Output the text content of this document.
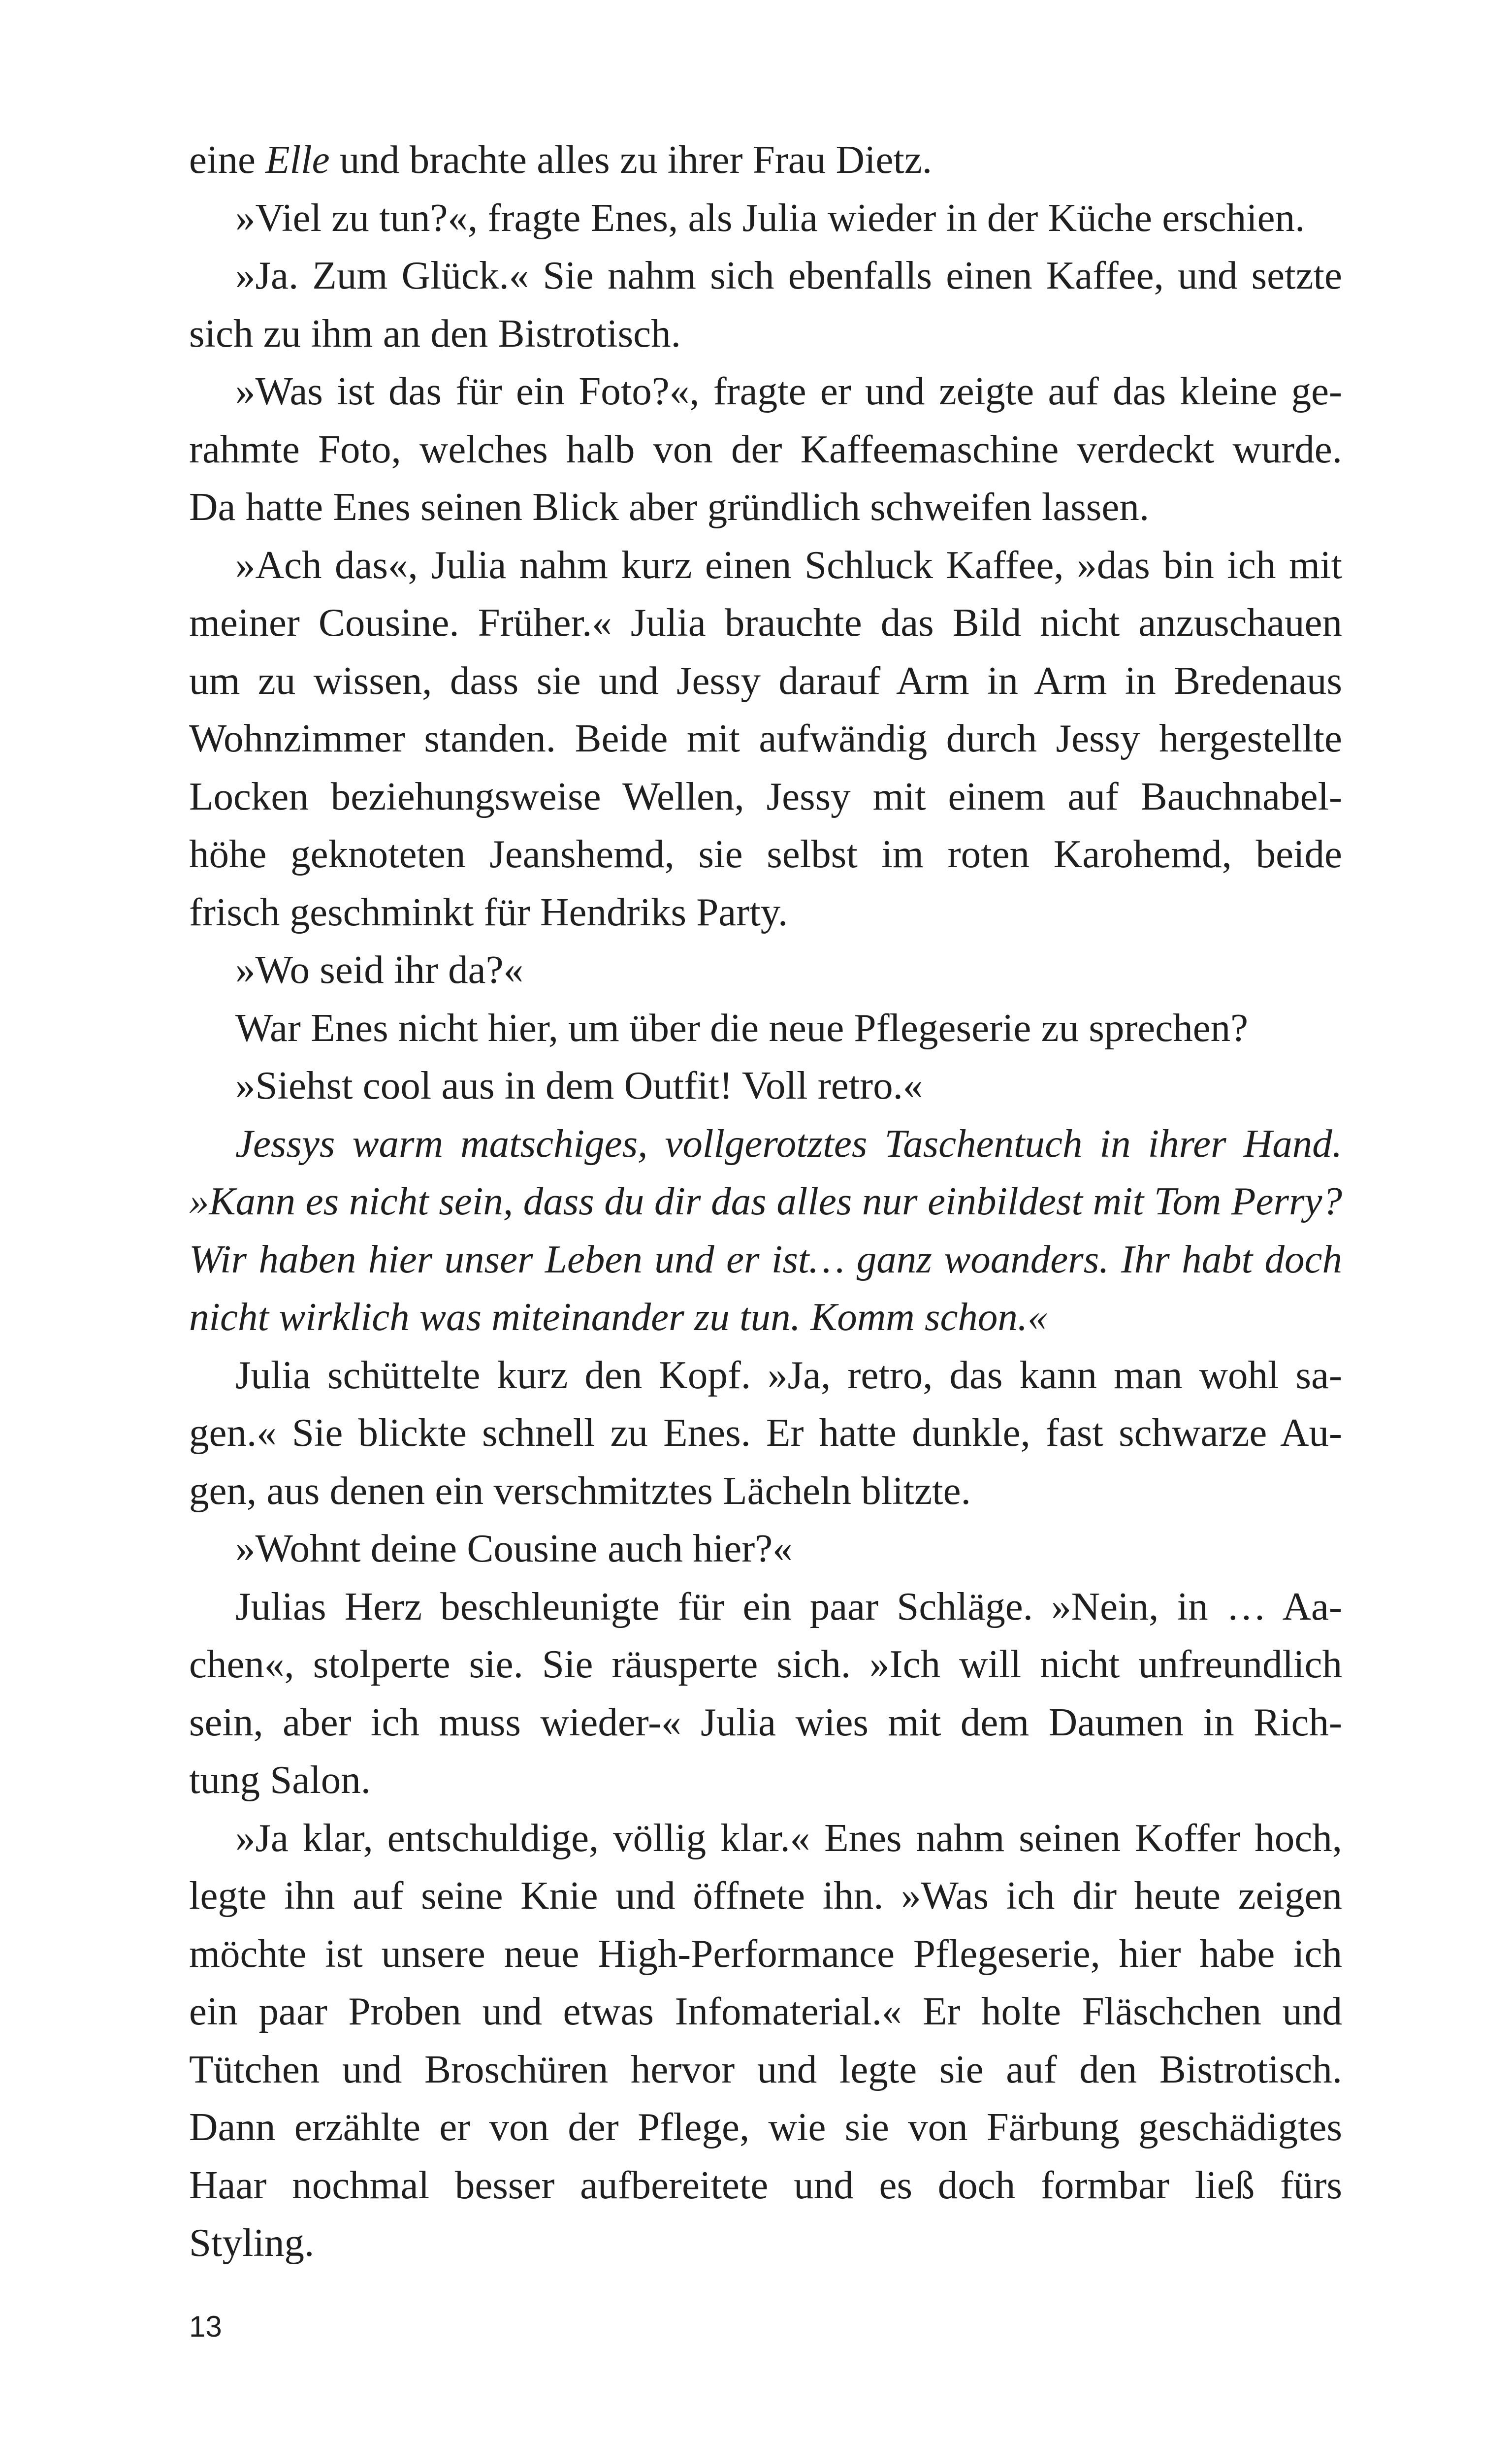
eine Elle und brachte alles zu ihrer Frau Dietz.
»Viel zu tun?«, fragte Enes, als Julia wieder in der Küche erschien.
»Ja. Zum Glück.« Sie nahm sich ebenfalls einen Kaffee, und setzte
sich zu ihm an den Bistrotisch.
»Was ist das für ein Foto?«, fragte er und zeigte auf das kleine ge-
rahmte Foto, welches halb von der Kaffeemaschine verdeckt wurde.
Da hatte Enes seinen Blick aber gründlich schweifen lassen.
»Ach das«, Julia nahm kurz einen Schluck Kaffee, »das bin ich mit
meiner Cousine. Früher.« Julia brauchte das Bild nicht anzuschauen
um zu wissen, dass sie und Jessy darauf Arm in Arm in Bredenaus
Wohnzimmer standen. Beide mit aufwändig durch Jessy hergestellte
Locken beziehungsweise Wellen, Jessy mit einem auf Bauchnabel-
höhe geknoteten Jeanshemd, sie selbst im roten Karohemd, beide
frisch geschminkt für Hendriks Party.
»Wo seid ihr da?«
War Enes nicht hier, um über die neue Pflegeserie zu sprechen?
»Siehst cool aus in dem Outfit! Voll retro.«
Jessys warm matschiges, vollgerotztes Taschentuch in ihrer Hand.
»Kann es nicht sein, dass du dir das alles nur einbildest mit Tom Perry?
Wir haben hier unser Leben und er ist… ganz woanders. Ihr habt doch
nicht wirklich was miteinander zu tun. Komm schon.«
Julia schüttelte kurz den Kopf. »Ja, retro, das kann man wohl sa-
gen.« Sie blickte schnell zu Enes. Er hatte dunkle, fast schwarze Au-
gen, aus denen ein verschmitztes Lächeln blitzte.
»Wohnt deine Cousine auch hier?«
Julias Herz beschleunigte für ein paar Schläge. »Nein, in … Aa-
chen«, stolperte sie. Sie räusperte sich. »Ich will nicht unfreundlich
sein, aber ich muss wieder-« Julia wies mit dem Daumen in Rich-
tung Salon.
»Ja klar, entschuldige, völlig klar.« Enes nahm seinen Koffer hoch,
legte ihn auf seine Knie und öffnete ihn. »Was ich dir heute zeigen
möchte ist unsere neue High-Performance Pflegeserie, hier habe ich
ein paar Proben und etwas Infomaterial.« Er holte Fläschchen und
Tütchen und Broschüren hervor und legte sie auf den Bistrotisch.
Dann erzählte er von der Pflege, wie sie von Färbung geschädigtes
Haar nochmal besser aufbereitete und es doch formbar ließ fürs
Styling.
13
